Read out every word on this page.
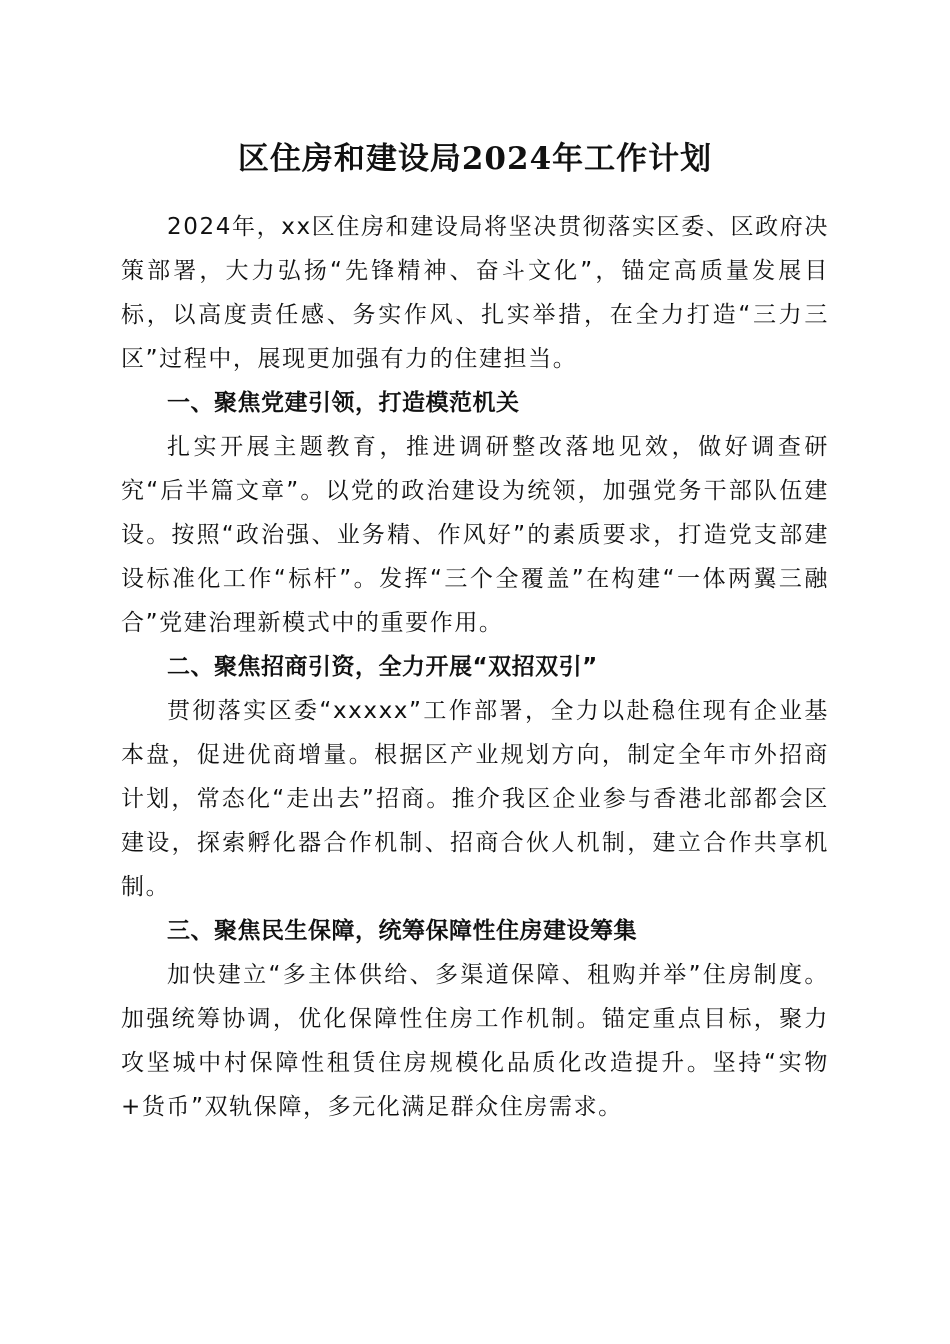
区住房和建设局2024年工作计划

2024年，xx区住房和建设局将坚决贯彻落实区委、区政府决策部署，大力弘扬“先锋精神、奋斗文化”，锚定高质量发展目标，以高度责任感、务实作风、扎实举措，在全力打造“三力三区”过程中，展现更加强有力的住建担当。

一、聚焦党建引领，打造模范机关

扎实开展主题教育，推进调研整改落地见效，做好调查研究“后半篇文章”。以党的政治建设为统领，加强党务干部队伍建设。按照“政治强、业务精、作风好”的素质要求，打造党支部建设标准化工作“标杆”。发挥“三个全覆盖”在构建“一体两翼三融合”党建治理新模式中的重要作用。

二、聚焦招商引资，全力开展“双招双引”

贯彻落实区委“xxxxx”工作部署，全力以赴稳住现有企业基本盘，促进优商增量。根据区产业规划方向，制定全年市外招商计划，常态化“走出去”招商。推介我区企业参与香港北部都会区建设，探索孵化器合作机制、招商合伙人机制，建立合作共享机制。

三、聚焦民生保障，统筹保障性住房建设筹集

加快建立“多主体供给、多渠道保障、租购并举”住房制度。加强统筹协调，优化保障性住房工作机制。锚定重点目标，聚力攻坚城中村保障性租赁住房规模化品质化改造提升。坚持“实物+货币”双轨保障，多元化满足群众住房需求。
